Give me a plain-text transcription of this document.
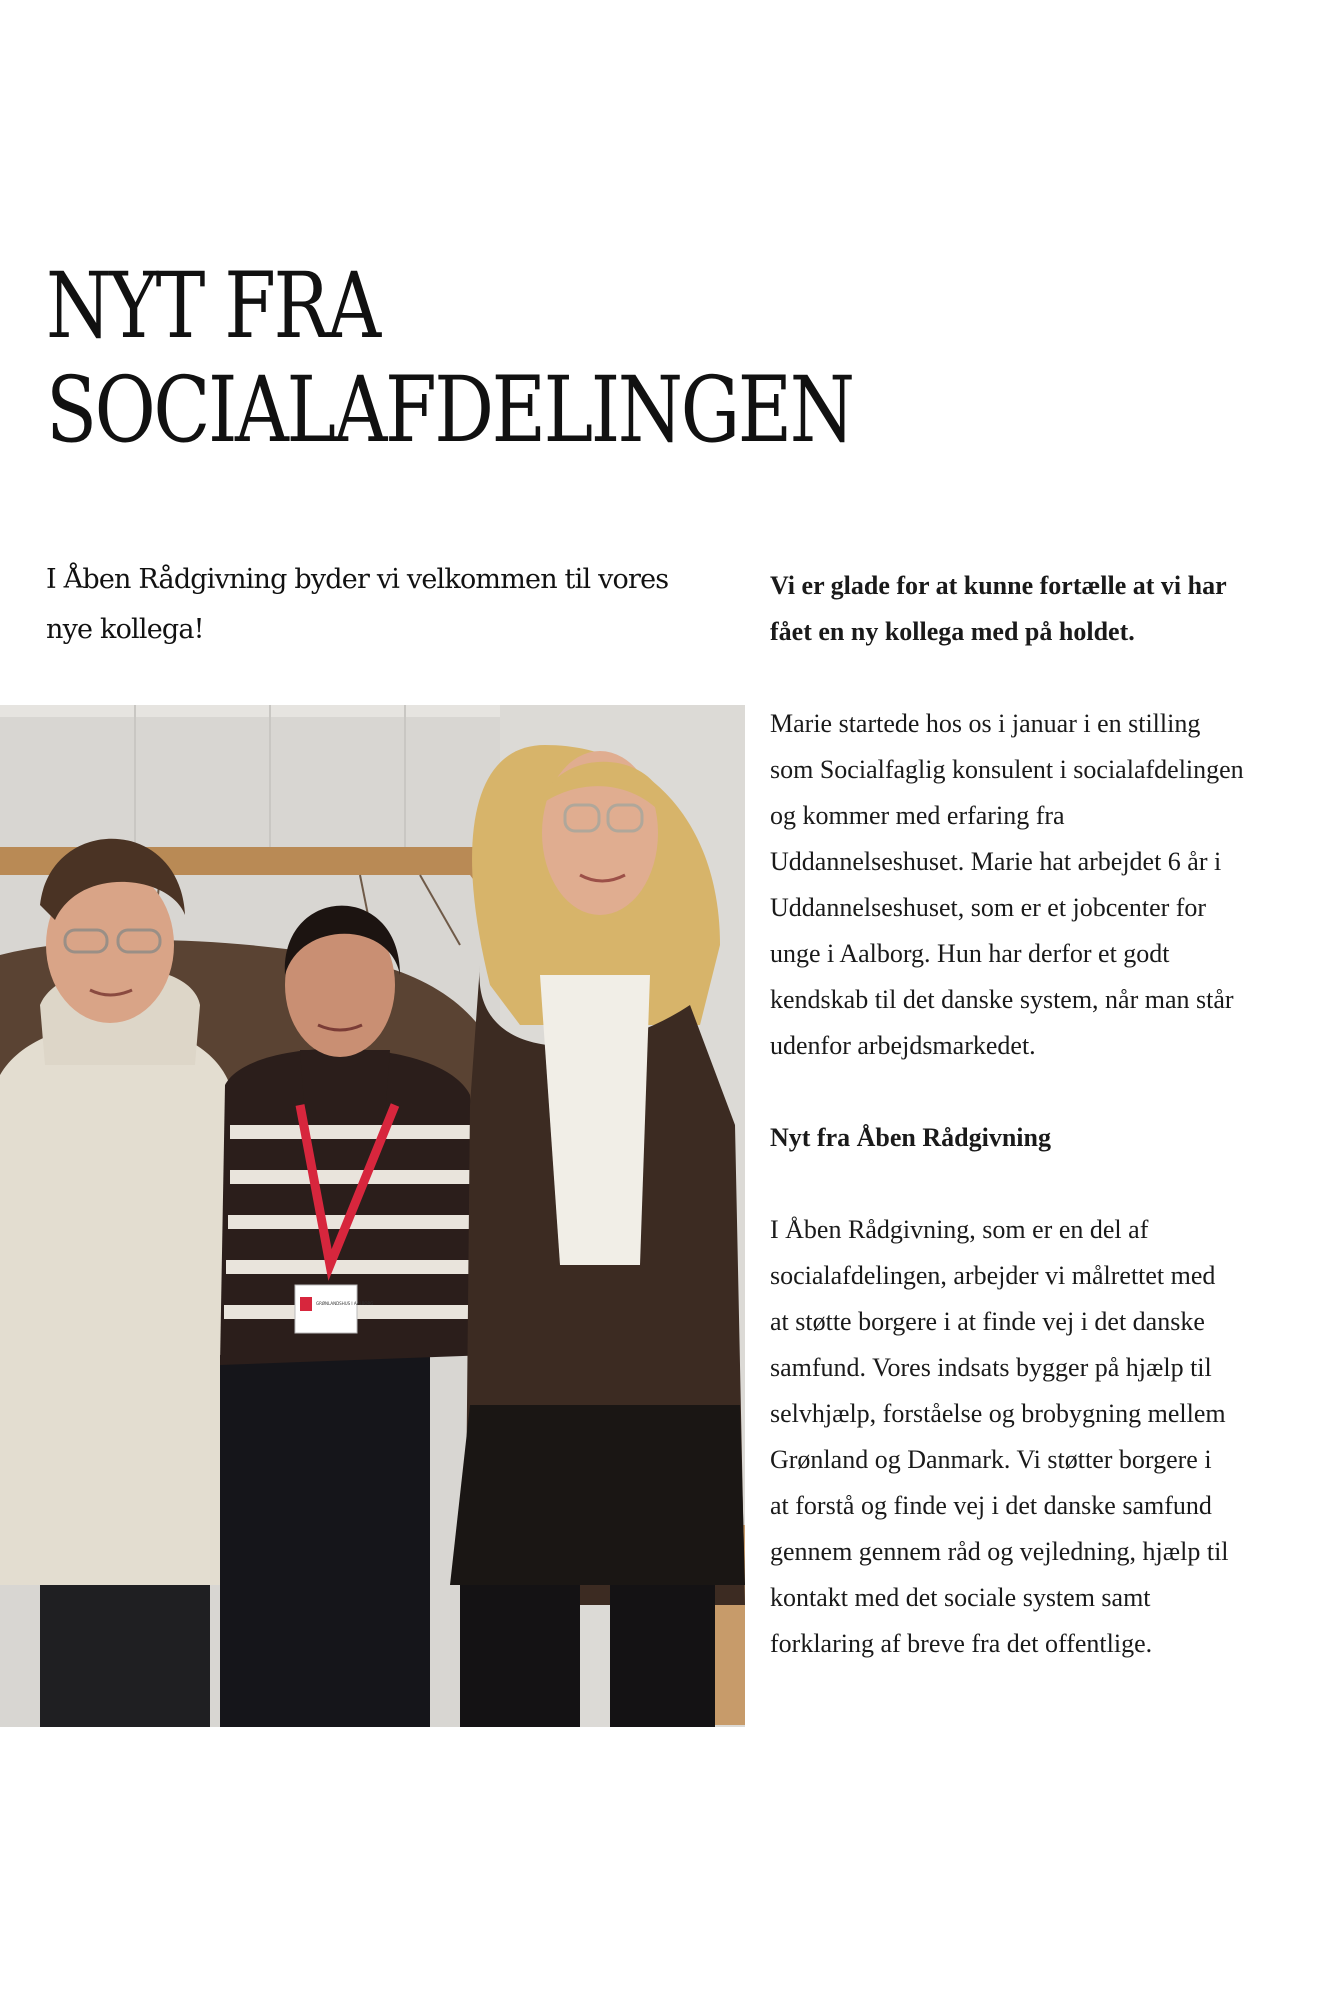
NYT FRA
SOCIALAFDELINGEN

I Åben Rådgivning byder vi velkommen til vores
nye kollega!

GRØNLANDSHUS I AALBORG

Vi er glade for at kunne fortælle at vi har
fået en ny kollega med på holdet.

Marie startede hos os i januar i en stilling
som Socialfaglig konsulent i socialafdelingen
og kommer med erfaring fra
Uddannelseshuset. Marie hat arbejdet 6 år i
Uddannelseshuset, som er et jobcenter for
unge i Aalborg. Hun har derfor et godt
kendskab til det danske system, når man står
udenfor arbejdsmarkedet.

Nyt fra Åben Rådgivning

I Åben Rådgivning, som er en del af
socialafdelingen, arbejder vi målrettet med
at støtte borgere i at finde vej i det danske
samfund. Vores indsats bygger på hjælp til
selvhjælp, forståelse og brobygning mellem
Grønland og Danmark. Vi støtter borgere i
at forstå og finde vej i det danske samfund
gennem gennem råd og vejledning, hjælp til
kontakt med det sociale system samt
forklaring af breve fra det offentlige.
